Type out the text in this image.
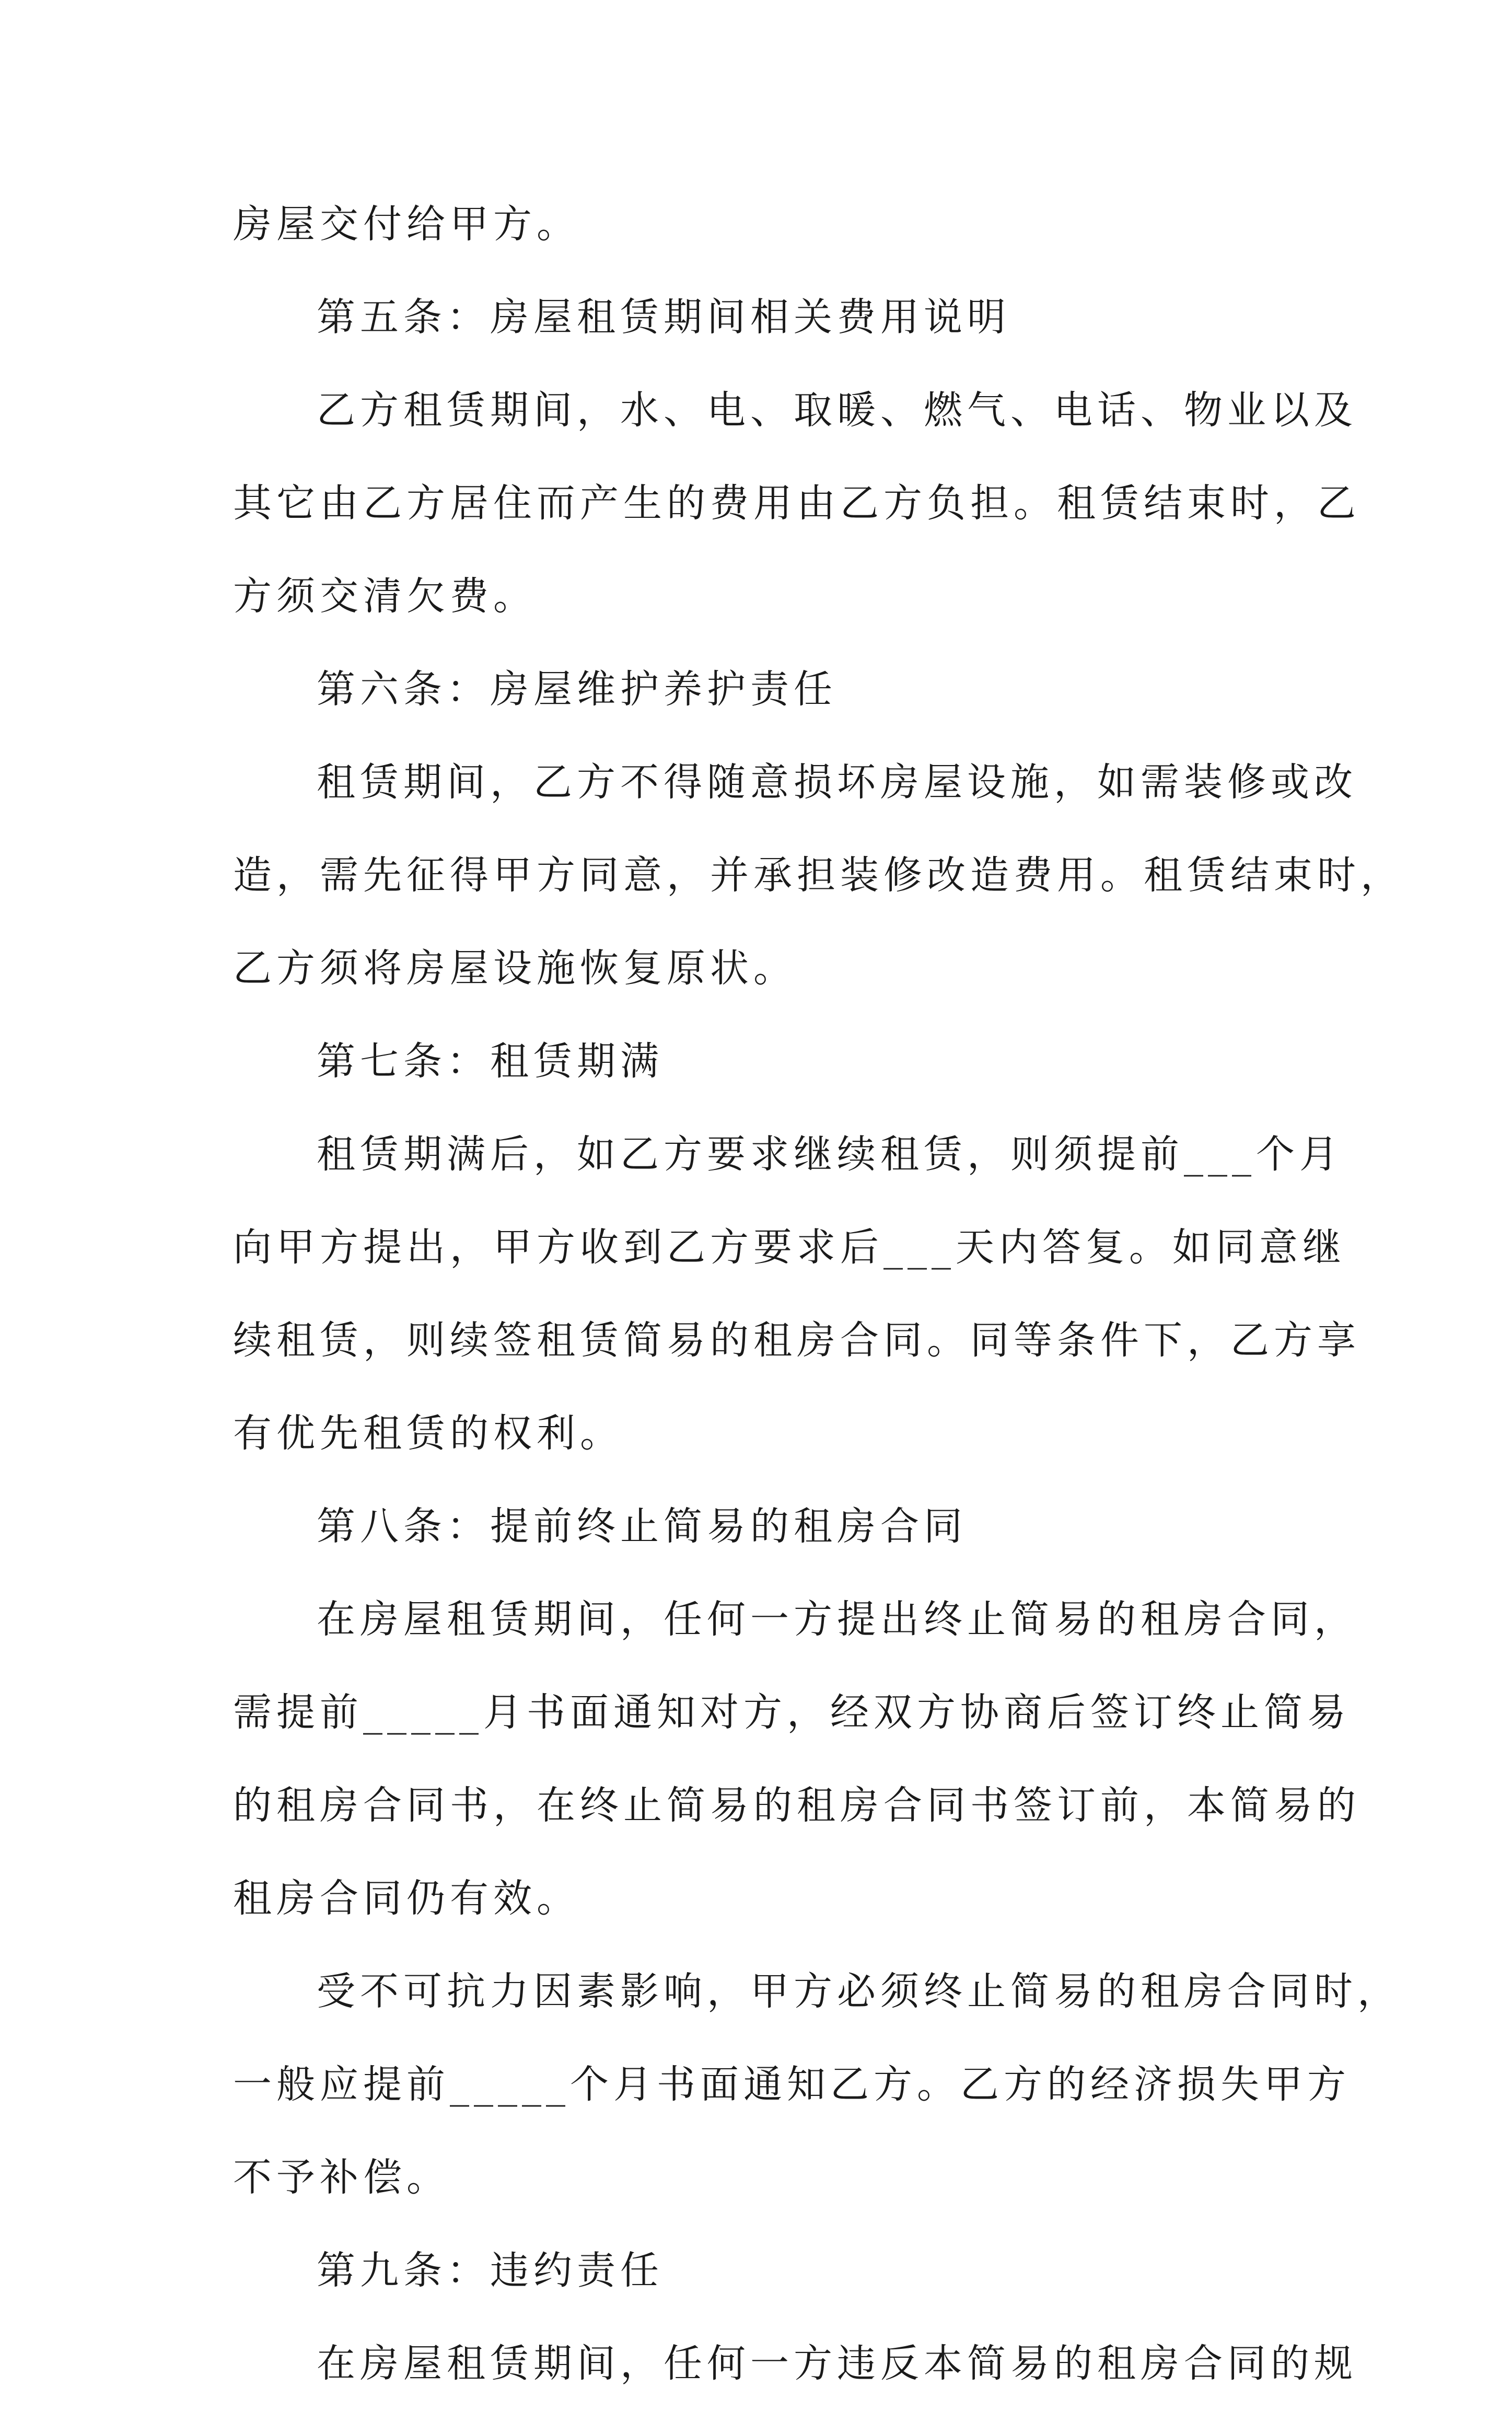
房屋交付给甲方。
第五条：房屋租赁期间相关费用说明
乙方租赁期间，水、电、取暖、燃气、电话、物业以及
其它由乙方居住而产生的费用由乙方负担。租赁结束时，乙
方须交清欠费。
第六条：房屋维护养护责任
租赁期间，乙方不得随意损坏房屋设施，如需装修或改
造，需先征得甲方同意，并承担装修改造费用。租赁结束时，
乙方须将房屋设施恢复原状。
第七条：租赁期满
租赁期满后，如乙方要求继续租赁，则须提前___个月
向甲方提出，甲方收到乙方要求后___天内答复。如同意继
续租赁，则续签租赁简易的租房合同。同等条件下，乙方享
有优先租赁的权利。
第八条：提前终止简易的租房合同
在房屋租赁期间，任何一方提出终止简易的租房合同，
需提前_____月书面通知对方，经双方协商后签订终止简易
的租房合同书，在终止简易的租房合同书签订前，本简易的
租房合同仍有效。
受不可抗力因素影响，甲方必须终止简易的租房合同时，
一般应提前_____个月书面通知乙方。乙方的经济损失甲方
不予补偿。
第九条：违约责任
在房屋租赁期间，任何一方违反本简易的租房合同的规
